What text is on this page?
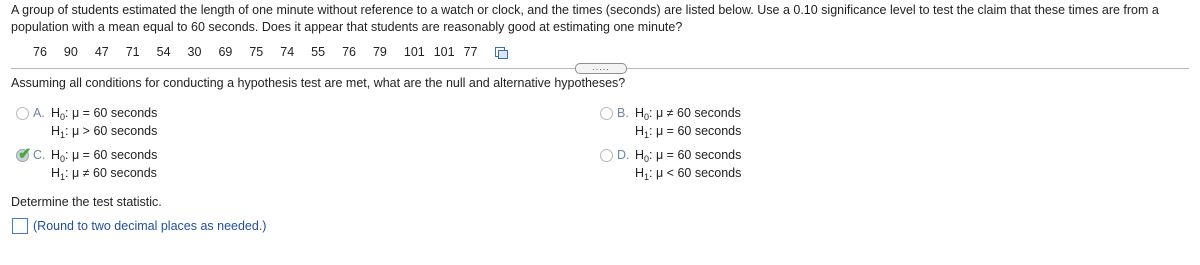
A group of students estimated the length of one minute without reference to a watch or clock, and the times (seconds) are listed below. Use a 0.10 significance level to test the claim that these times are from a population with a mean equal to 60 seconds. Does it appear that students are reasonably good at estimating one minute?
76 90 47 71 54 30 69 75 74 55 76 79 101 101 77
.....
Assuming all conditions for conducting a hypothesis test are met, what are the null and alternative hypotheses?
A. $H_0$: μ = 60 seconds
$H_1$: μ > 60 seconds
B. $H_0$: μ ≠ 60 seconds
$H_1$: μ = 60 seconds
✔ C. $H_0$: μ = 60 seconds
$H_1$: μ ≠ 60 seconds
D. $H_0$: μ = 60 seconds
$H_1$: μ < 60 seconds
Determine the test statistic.
(Round to two decimal places as needed.)
